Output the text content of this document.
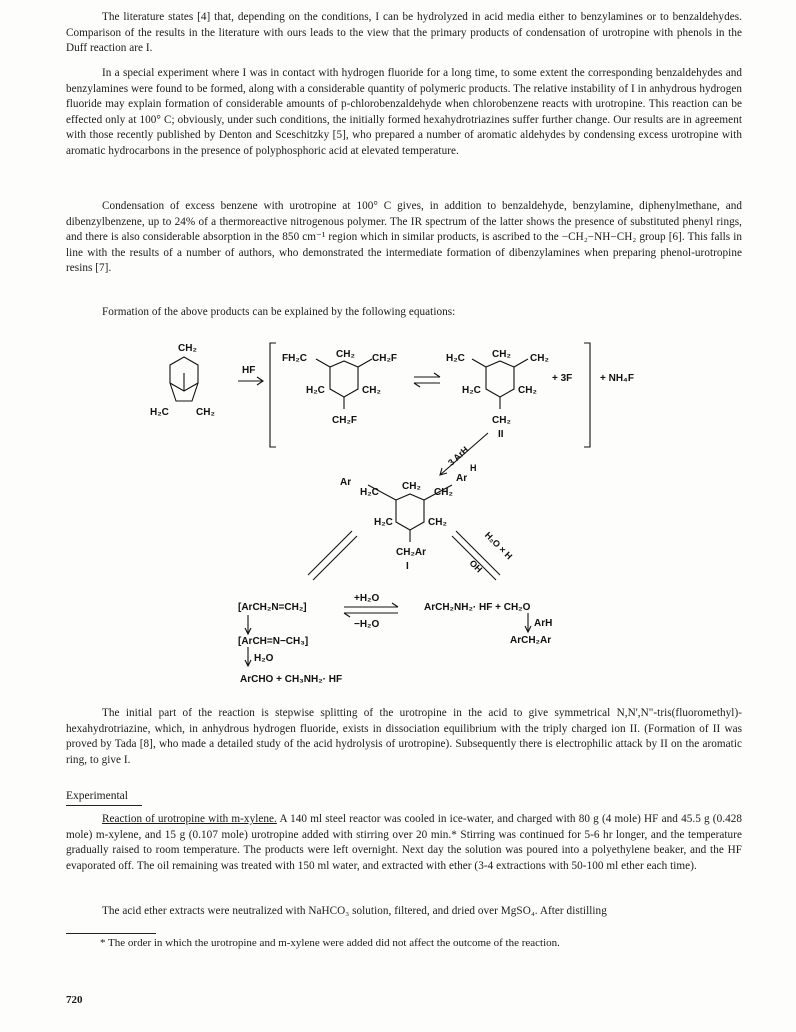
The literature states [4] that, depending on the conditions, I can be hydrolyzed in acid media either to benzylamines or to benzaldehydes. Comparison of the results in the literature with ours leads to the view that the primary products of condensation of urotropine with phenols in the Duff reaction are I.
In a special experiment where I was in contact with hydrogen fluoride for a long time, to some extent the corresponding benzaldehydes and benzylamines were found to be formed, along with a considerable quantity of polymeric products. The relative instability of I in anhydrous hydrogen fluoride may explain formation of considerable amounts of p-chlorobenzaldehyde when chlorobenzene reacts with urotropine. This reaction can be effected only at 100° C; obviously, under such conditions, the initially formed hexahydrotriazines suffer further change. Our results are in agreement with those recently published by Denton and Sceschitzky [5], who prepared a number of aromatic aldehydes by condensing excess urotropine with aromatic hydrocarbons in the presence of polyphosphoric acid at elevated temperature.
Condensation of excess benzene with urotropine at 100° C gives, in addition to benzaldehyde, benzylamine, diphenylmethane, and dibenzylbenzene, up to 24% of a thermoreactive nitrogenous polymer. The IR spectrum of the latter shows the presence of substituted phenyl rings, and there is also considerable absorption in the 850 cm⁻¹ region which in similar products, is ascribed to the −CH₂−NH−CH₂ group [6]. This falls in line with the results of a number of authors, who demonstrated the intermediate formation of dibenzylamines when preparing phenol-urotropine resins [7].
Formation of the above products can be explained by the following equations:
CH₂
H₂C	CH₂
HF
FH₂C	CH₂ CH₂F
H₂C	CH₂
CH₂F
H₂C	CH₂ CH₂
H₂C	CH₂
CH₂
II
+ 3F	+ NH₄F
3 ArH
H
Ar
H₂C
CH₂
CH₂
Ar
H₂C	CH₂
CH₂Ar
I
H₂O × H
OH
[ArCH₂N=CH₂]
+H₂O
−H₂O
ArCH₂NH₂· HF + CH₂O
ArH
ArCH₂Ar
[ArCH=N−CH₃]
H₂O
ArCHO + CH₃NH₂· HF
The initial part of the reaction is stepwise splitting of the urotropine in the acid to give symmetrical N,N',N"-tris(fluoromethyl)-hexahydrotriazine, which, in anhydrous hydrogen fluoride, exists in dissociation equilibrium with the triply charged ion II. (Formation of II was proved by Tada [8], who made a detailed study of the acid hydrolysis of urotropine). Subsequently there is electrophilic attack by II on the aromatic ring, to give I.
Experimental
Reaction of urotropine with m-xylene. A 140 ml steel reactor was cooled in ice-water, and charged with 80 g (4 mole) HF and 45.5 g (0.428 mole) m-xylene, and 15 g (0.107 mole) urotropine added with stirring over 20 min.* Stirring was continued for 5-6 hr longer, and the temperature gradually raised to room temperature. The products were left overnight. Next day the solution was poured into a polyethylene beaker, and the HF evaporated off. The oil remaining was treated with 150 ml water, and extracted with ether (3-4 extractions with 50-100 ml ether each time).
The acid ether extracts were neutralized with NaHCO₃ solution, filtered, and dried over MgSO₄. After distilling
* The order in which the urotropine and m-xylene were added did not affect the outcome of the reaction.
720
